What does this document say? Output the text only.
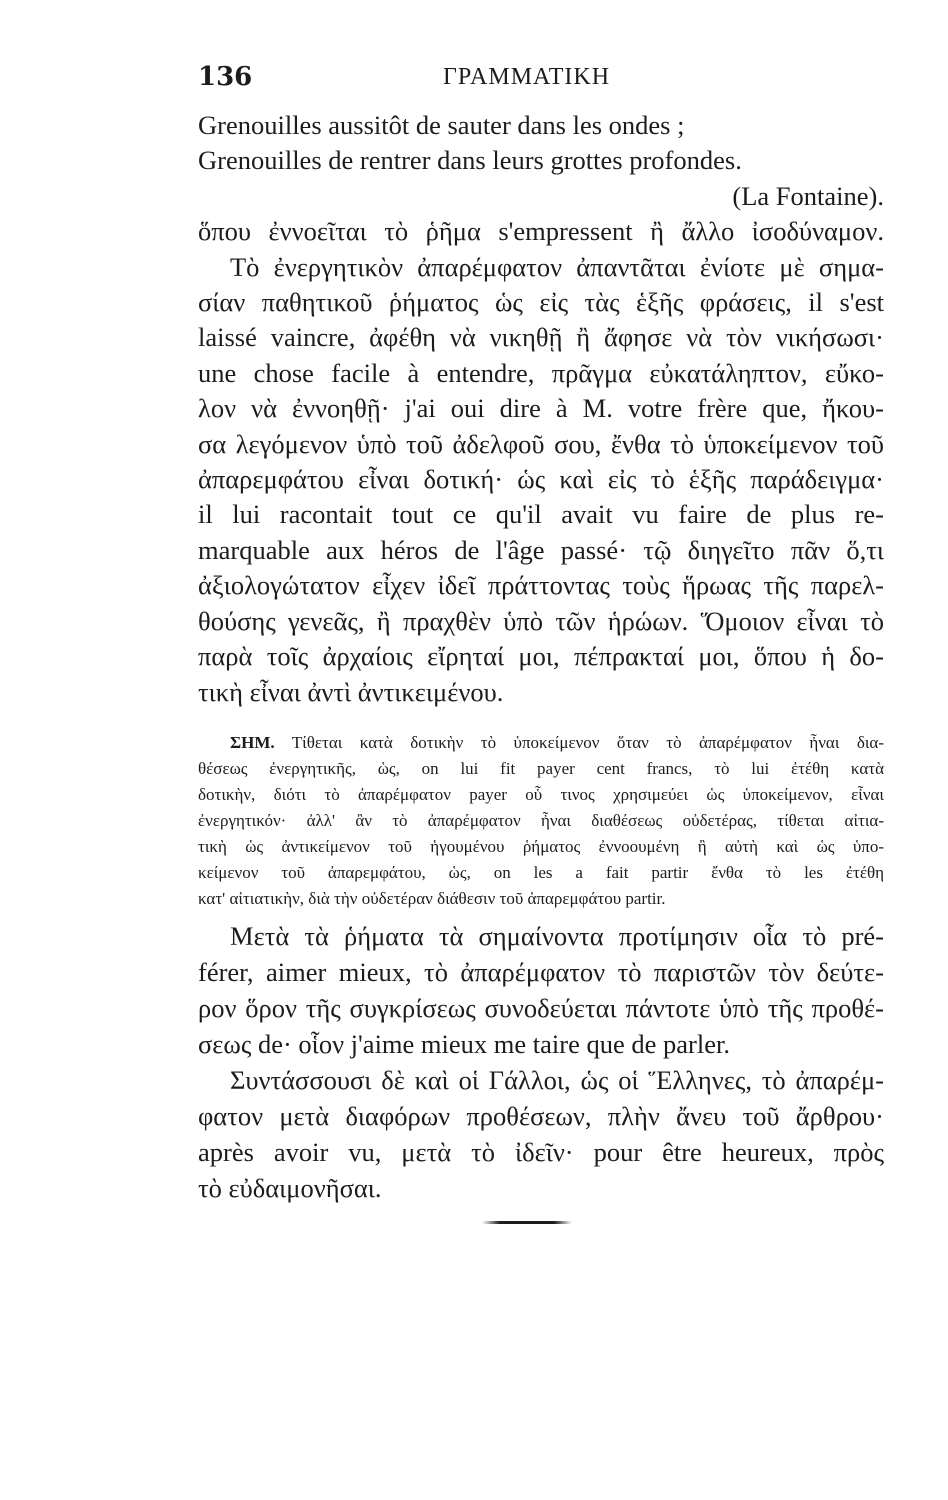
136	ΓΡΑΜΜΑΤΙΚΗ
Grenouilles aussitôt de sauter dans les ondes ;
Grenouilles de rentrer dans leurs grottes profondes.
(La Fontaine).
ὅπου ἐννοεῖται τὸ ῥῆμα s'empressent ἢ ἄλλο ἰσοδύναμον.
Τὸ ἐνεργητικὸν ἀπαρέμφατον ἀπαντᾶται ἐνίοτε μὲ σημα-
σίαν παθητικοῦ ῥήματος ὡς εἰς τὰς ἑξῆς φράσεις, il s'est
laissé vaincre, ἀφέθη νὰ νικηθῇ ἢ ἄφησε νὰ τὸν νικήσωσι·
une chose facile à entendre, πρᾶγμα εὐκατάληπτον, εὔκο-
λον νὰ ἐννοηθῇ· j'ai oui dire à M. votre frère que, ἤκου-
σα λεγόμενον ὑπὸ τοῦ ἀδελφοῦ σου, ἔνθα τὸ ὑποκείμενον τοῦ
ἀπαρεμφάτου εἶναι δοτική· ὡς καὶ εἰς τὸ ἑξῆς παράδειγμα·
il lui racontait tout ce qu'il avait vu faire de plus re-
marquable aux héros de l'âge passé· τῷ διηγεῖτο πᾶν ὅ,τι
ἀξιολογώτατον εἶχεν ἰδεῖ πράττοντας τοὺς ἥρωας τῆς παρελ-
θούσης γενεᾶς, ἢ πραχθὲν ὑπὸ τῶν ἡρώων. Ὅμοιον εἶναι τὸ
παρὰ τοῖς ἀρχαίοις εἴρηταί μοι, πέπρακταί μοι, ὅπου ἡ δο-
τικὴ εἶναι ἀντὶ ἀντικειμένου.
ΣΗΜ. Τίθεται κατὰ δοτικὴν τὸ ὑποκείμενον ὅταν τὸ ἀπαρέμφατον ἦναι δια-
θέσεως ἐνεργητικῆς, ὡς, on lui fit payer cent francs, τὸ lui ἐτέθη κατὰ
δοτικὴν, διότι τὸ ἀπαρέμφατον payer οὗ τινος χρησιμεύει ὡς ὑποκείμενον, εἶναι
ἐνεργητικόν· ἀλλ' ἂν τὸ ἀπαρέμφατον ἦναι διαθέσεως οὐδετέρας, τίθεται αἰτια-
τικὴ ὡς ἀντικείμενον τοῦ ἡγουμένου ῥήματος ἐννοουμένη ἢ αὐτὴ καὶ ὡς ὑπο-
κείμενον τοῦ ἀπαρεμφάτου, ὡς, on les a fait partir ἔνθα τὸ les ἐτέθη
κατ' αἰτιατικὴν, διὰ τὴν οὐδετέραν διάθεσιν τοῦ ἀπαρεμφάτου partir.
Μετὰ τὰ ῥήματα τὰ σημαίνοντα προτίμησιν οἷα τὸ pré-
férer, aimer mieux, τὸ ἀπαρέμφατον τὸ παριστῶν τὸν δεύτε-
ρον ὅρον τῆς συγκρίσεως συνοδεύεται πάντοτε ὑπὸ τῆς προθέ-
σεως de· οἷον j'aime mieux me taire que de parler.
Συντάσσουσι δὲ καὶ οἱ Γάλλοι, ὡς οἱ Ἕλληνες, τὸ ἀπαρέμ-
φατον μετὰ διαφόρων προθέσεων, πλὴν ἄνευ τοῦ ἄρθρου·
après avoir vu, μετὰ τὸ ἰδεῖν· pour être heureux, πρὸς
τὸ εὐδαιμονῆσαι.
